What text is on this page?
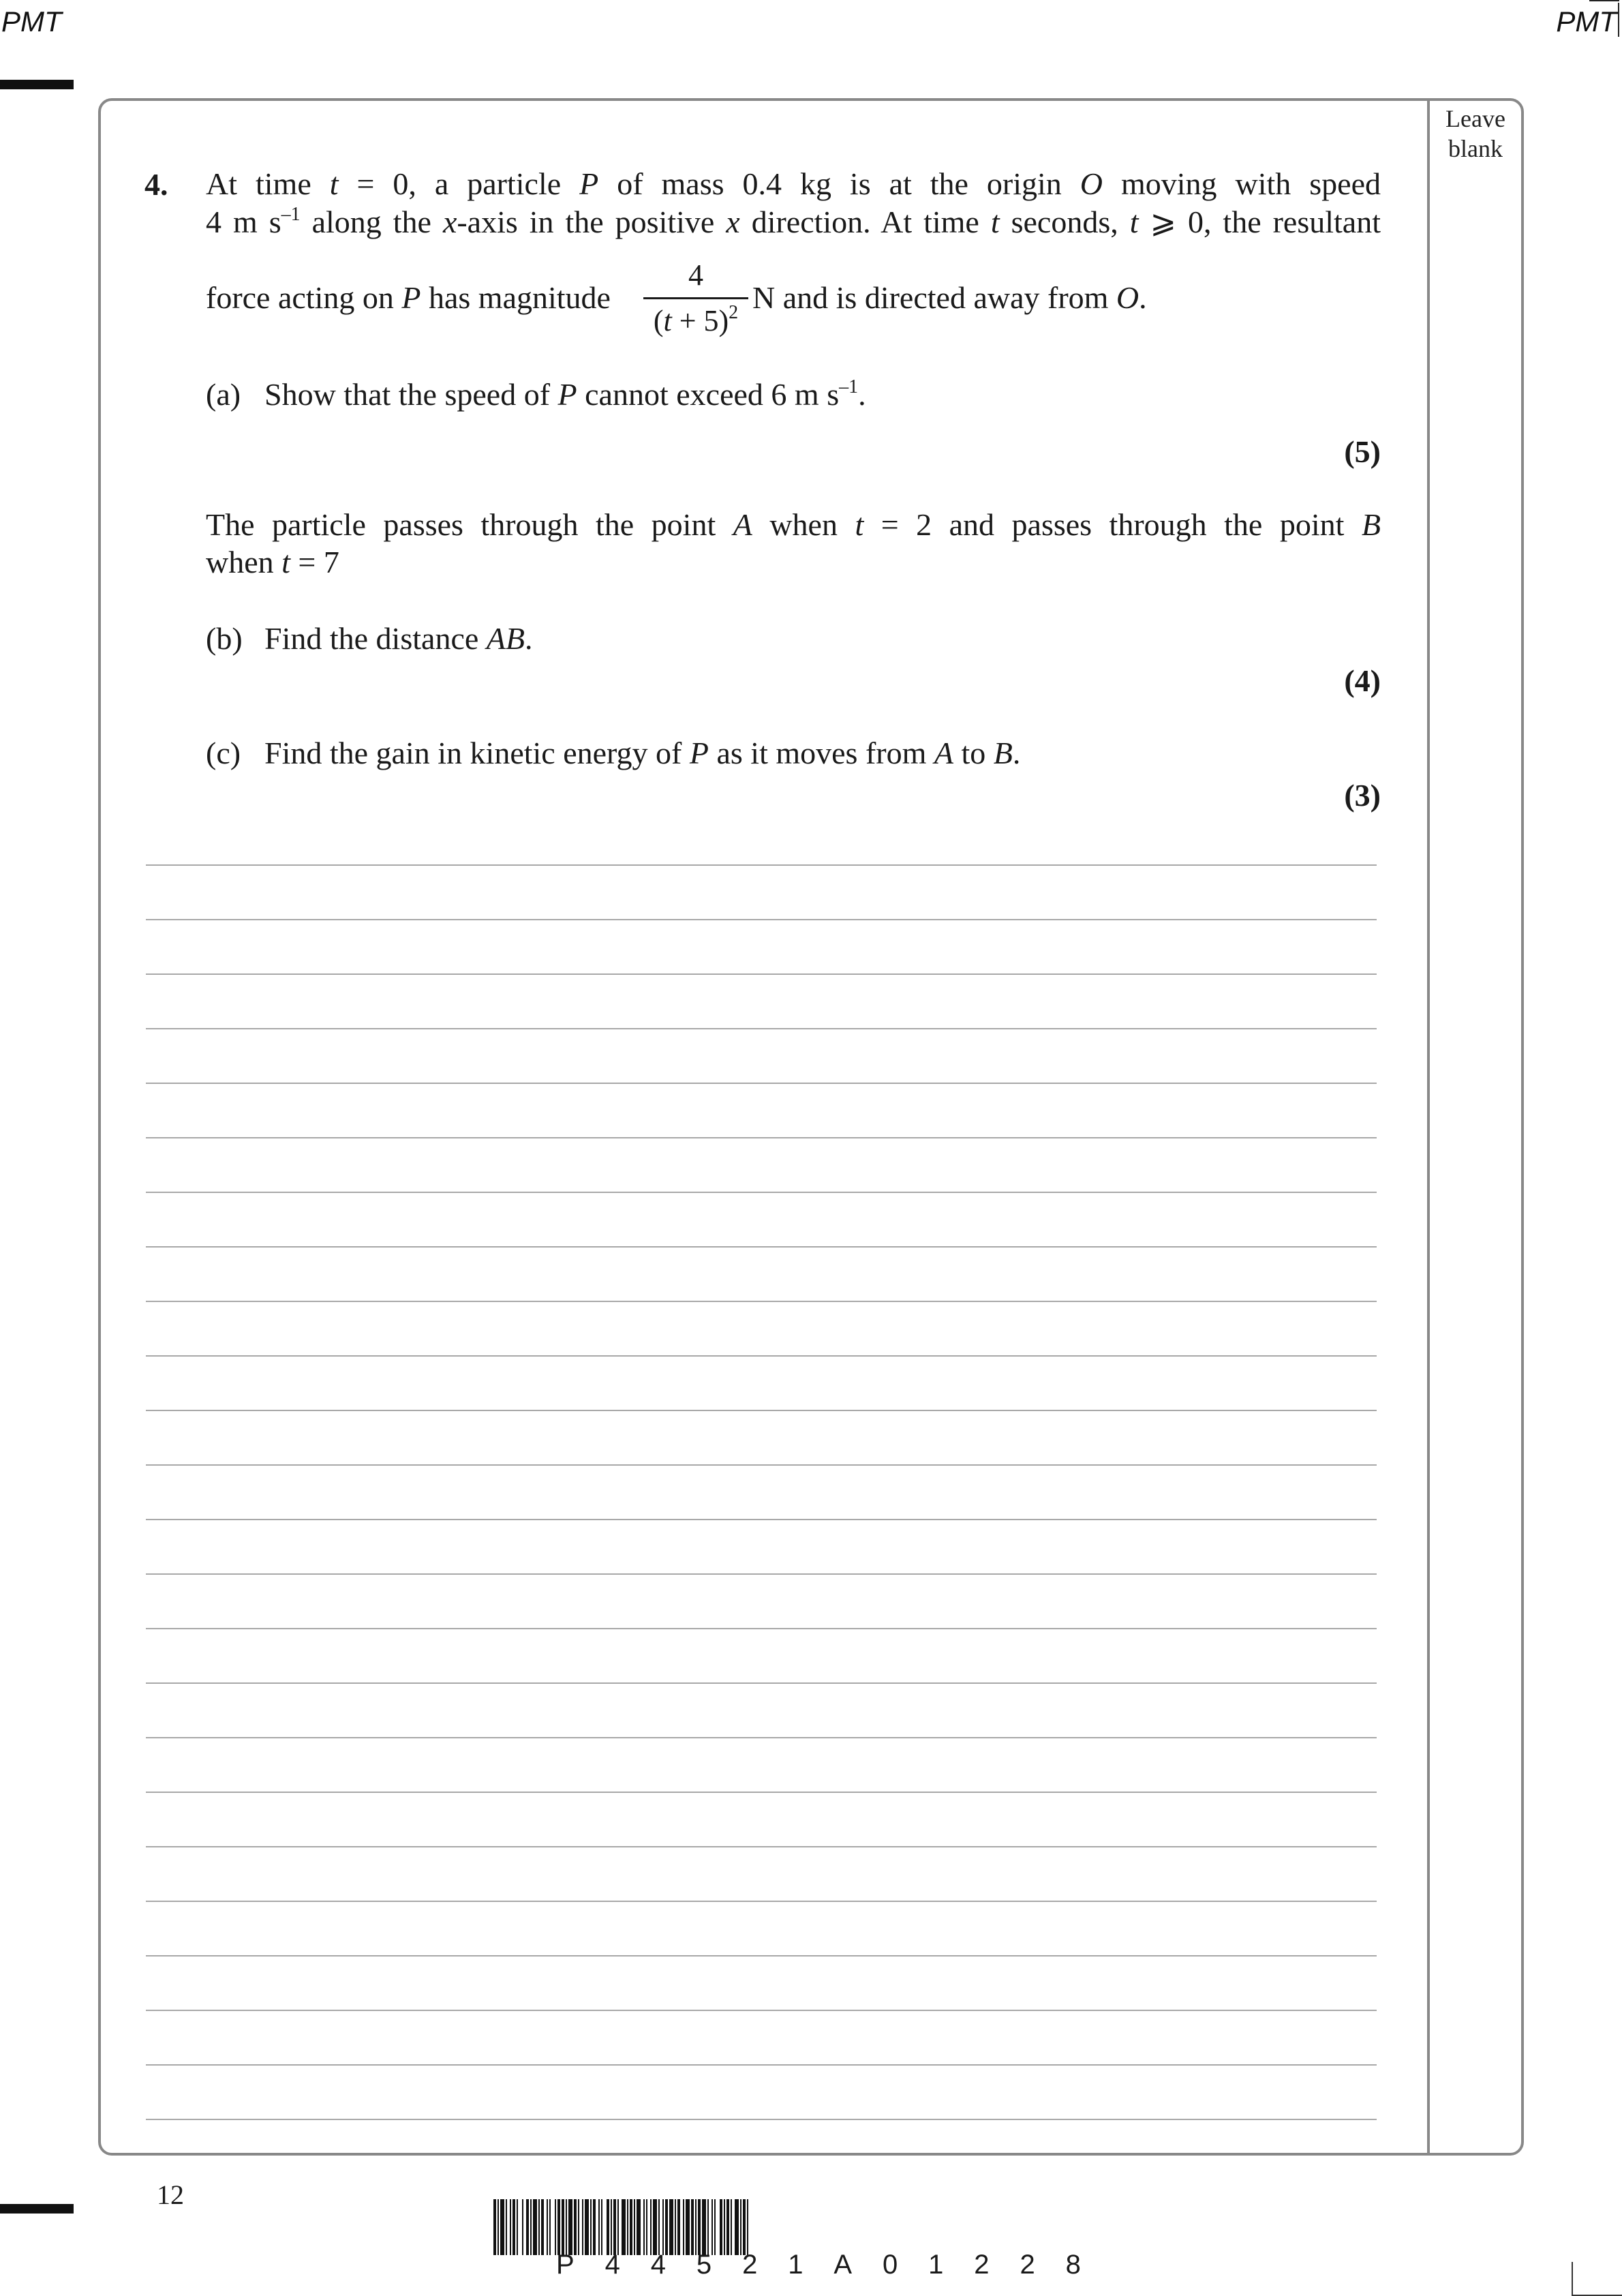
PMT	PMT
Leave
blank
4. At time t = 0, a particle P of mass 0.4 kg is at the origin O moving with speed
4 m $s^{-1}$ along the x-axis in the positive x direction. At time t seconds, t ⩾ 0, the resultant
force acting on P has magnitude
4
$(t + 5)^2$ N and is directed away from O.
(a) Show that the speed of P cannot exceed 6 m $s^{-1}$.
(5)
The particle passes through the point A when t = 2 and passes through the point B
when t = 7
(b) Find the distance AB.
(4)
(c) Find the gain in kinetic energy of P as it moves from A to B.
(3)
12
P 4 4 5 2 1 A 0 1 2 2 8
